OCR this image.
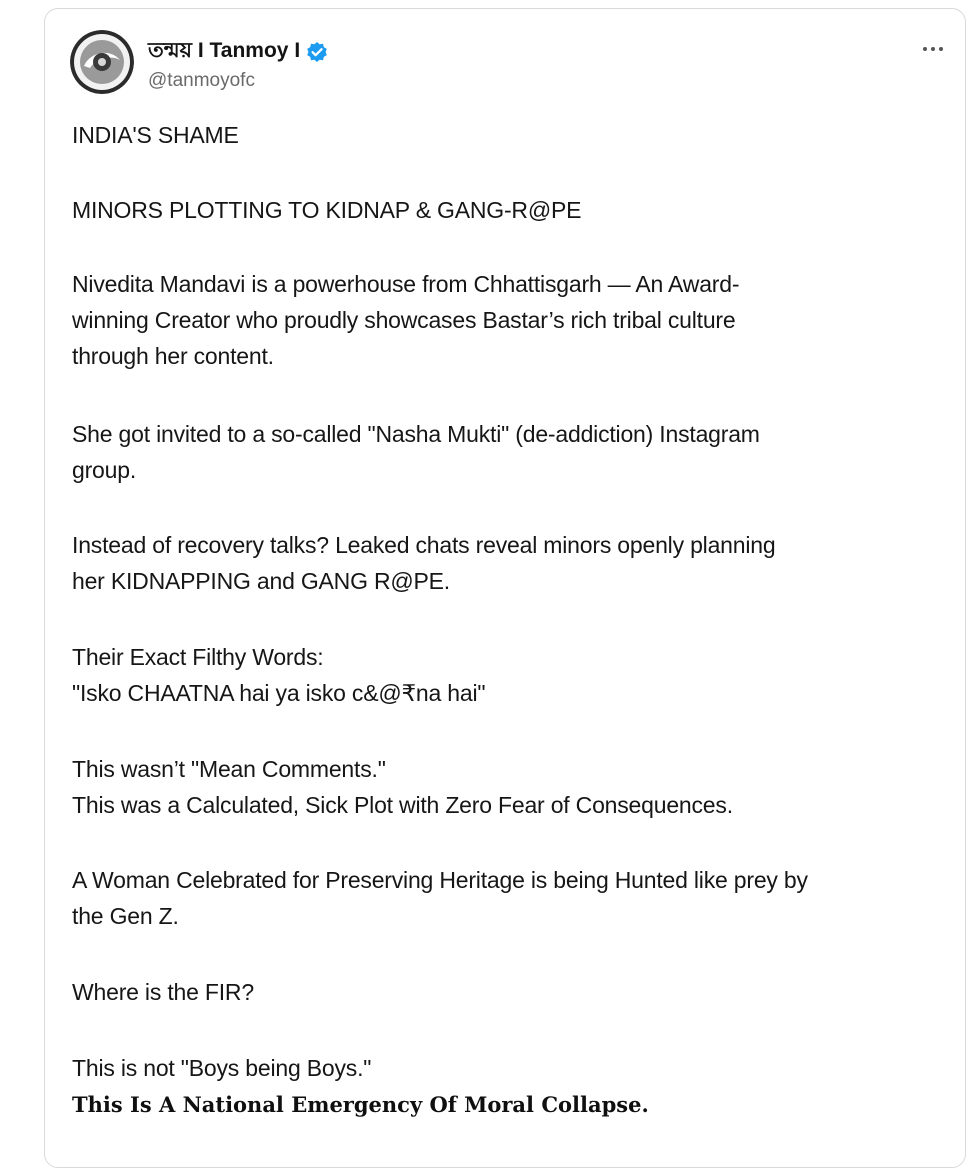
তন্ময় I Tanmoy I
@tanmoyofc
INDIA'S SHAME
MINORS PLOTTING TO KIDNAP & GANG-R@PE
Nivedita Mandavi is a powerhouse from Chhattisgarh — An Award-
winning Creator who proudly showcases Bastar’s rich tribal culture
through her content.
She got invited to a so-called "Nasha Mukti" (de-addiction) Instagram
group.
Instead of recovery talks? Leaked chats reveal minors openly planning
her KIDNAPPING and GANG R@PE.
Their Exact Filthy Words:
"Isko CHAATNA hai ya isko c&@₹na hai"
This wasn’t "Mean Comments."
This was a Calculated, Sick Plot with Zero Fear of Consequences.
A Woman Celebrated for Preserving Heritage is being Hunted like prey by
the Gen Z.
Where is the FIR?
This is not "Boys being Boys."
This Is A National Emergency Of Moral Collapse.
